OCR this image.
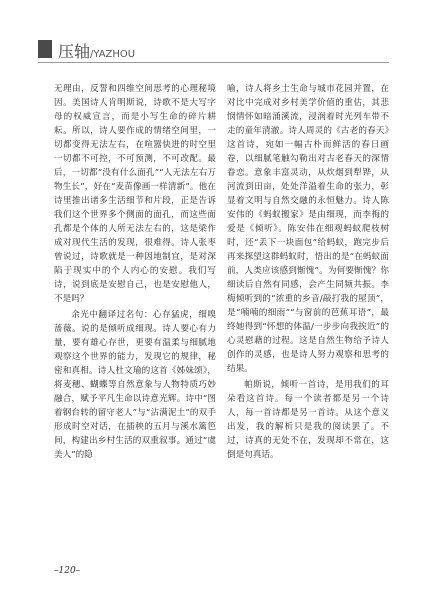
压轴/YAZHOU

无理由，反誓和四维空间思考的心理秘境因。美国诗人肯明斯说，诗歌不是大写字母的权威宣言，而是小写生命的碎片耕耘。所以，诗人要作成的情绪空间里，一切都变得无法左右，在喧嚣快进的时空里一切都不可控，不可预测，不可改配。最后，一切都“没有什么面孔”“人无法左右万物生长”，好在“麦苗像画一样清新”。他在诗里推出诸多生活细节和片段，正是告诉我们这个世界多个侧面的面孔，而这些面孔都是个体的人所无法左右的，这是梁作成对现代生活的发现，很难得。诗人张枣曾说过，诗歌就是一种因地制宜，是对深陷于现实中的个人内心的安慰。我们写诗，说到底是安慰自己，也是安慰他人，不是吗？

余光中翻译过名句：心存猛虎，细嗅蔷薇。说的是倾听成细现。诗人要心有力量，要有雄心存世，更要有温柔与细腻地观察这个世界的能力，发现它的规律，秘密和真相。诗人杜文瑜的这首《姊妹颂》，将麦穗、蝴蝶等自然意象与人物特质巧妙融合，赋予平凡生命以诗意光辉。诗中“图着钢台转的留守老人”与“沾满泥土”的双手形成时空对话，在插秧的五月与溪水篱笆间，构建出乡村生活的双重叙事。通过“虞美人”的隐

喻，诗人将乡土生命与城市花园并置，在对比中完成对乡村美学价值的重估，其悲悯情怀如暗涌溪流，浸润着时光列车带不走的童年清澈。诗人周灵的《古老的春天》这首诗，宛如一幅古朴而鲜活的春日画卷，以细腻笔触勾勒出对古老春天的深情眷恋。意象丰富灵动，从炊烟到犁铧，从河流到田亩，处处洋溢着生命的张力，彰显着文明与自然交融的永恒魅力。诗人陈安伟的《蚂蚁搬家》是由细现，而李梅的爱是《倾听》。陈安伟在细观蚂蚁爬枝树时，还“丢下一块面包”给蚂蚁，跑完步后再来探望这群蚂蚁时，悟出的是“在蚂蚁面前，人类应该感到惭愧”。为何要惭愧？你细读后自然有同感，会产生同频共振。李梅倾听到的“浓重的乡音/敲打我的屋顶”，是“喃喃的细雨”“与窗前的芭蕉耳语”，最终她得到“怀想的体温/一步步向我挨近”的心灵慰藉的过程。这是自然生物给予诗人创作的灵感，也是诗人努力观察和思考的结果。

帕斯说，倾听一首诗，是用我们的耳朵看这首诗。每一个读者都是另一个诗人，每一首诗都是另一首诗。从这个意义出发，我的解析只是我的阅读罢了。不过，诗真的无处不在，发现却不常在，这倒是句真话。

–120–
